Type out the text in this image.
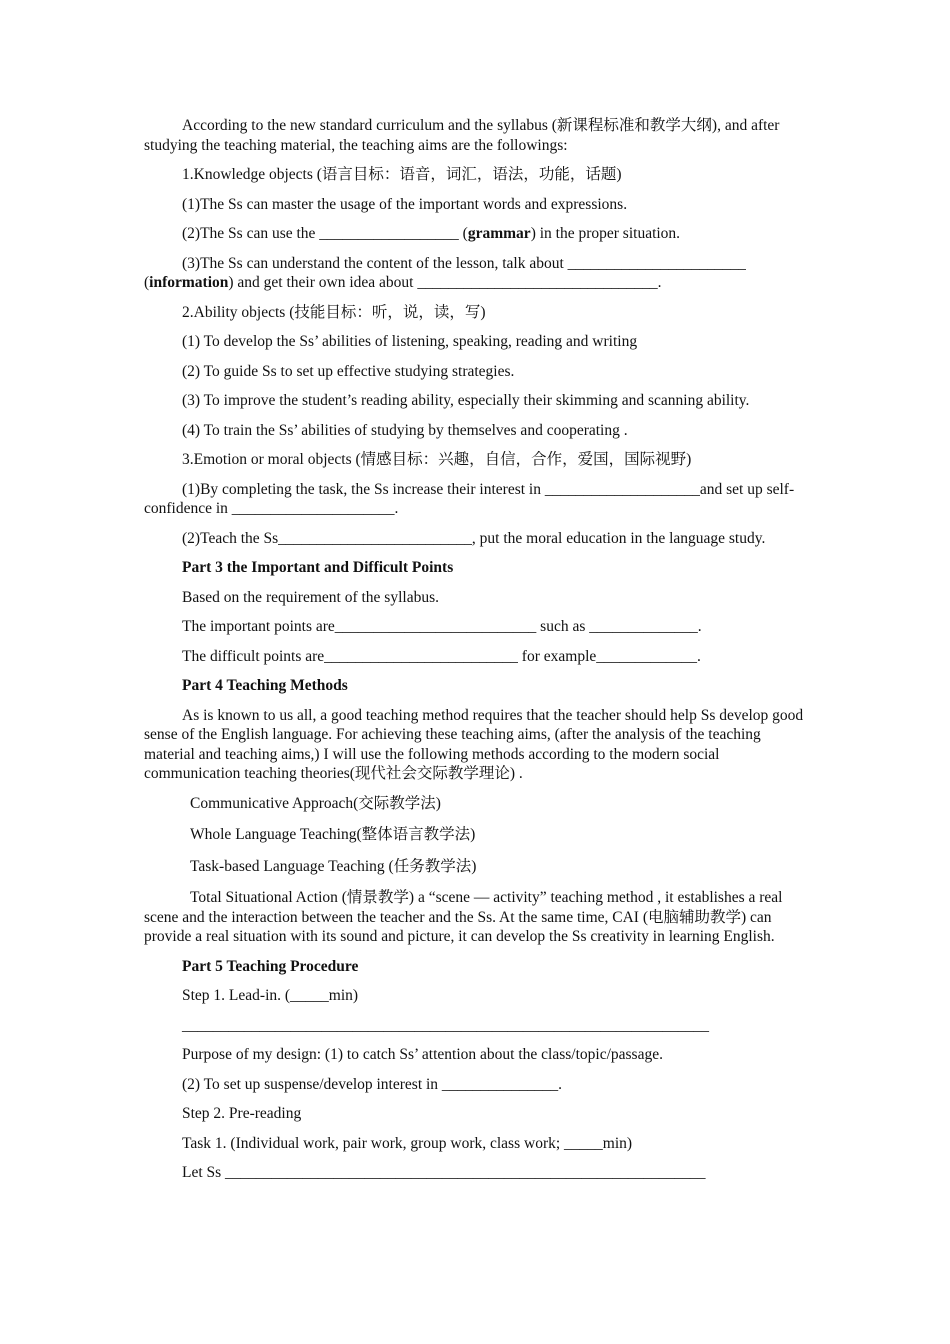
According to the new standard curriculum and the syllabus (新课程标准和教学大纲), and after studying the teaching material, the teaching aims are the followings:

1.Knowledge objects (语言目标：语音，词汇，语法，功能，话题)

(1)The Ss can master the usage of the important words and expressions.

(2)The Ss can use the __________________ (grammar) in the proper situation.

(3)The Ss can understand the content of the lesson, talk about _______________________ (information) and get their own idea about _______________________________.

2.Ability objects (技能目标：听，说，读，写)

(1) To develop the Ss’ abilities of listening, speaking, reading and writing

(2) To guide Ss to set up effective studying strategies.

(3) To improve the student’s reading ability, especially their skimming and scanning ability.

(4) To train the Ss’ abilities of studying by themselves and cooperating .

3.Emotion or moral objects (情感目标：兴趣，自信，合作，爱国，国际视野)

(1)By completing the task, the Ss increase their interest in ____________________and set up self-confidence in _____________________.

(2)Teach the Ss_________________________, put the moral education in the language study.

Part 3 the Important and Difficult Points

Based on the requirement of the syllabus.

The important points are__________________________ such as ______________.

The difficult points are_________________________ for example_____________.

Part 4 Teaching Methods

As is known to us all, a good teaching method requires that the teacher should help Ss develop good sense of the English language. For achieving these teaching aims, (after the analysis of the teaching material and teaching aims,) I will use the following methods according to the modern social communication teaching theories(现代社会交际教学理论) .

Communicative Approach(交际教学法)

Whole Language Teaching(整体语言教学法)

Task-based Language Teaching (任务教学法)

Total Situational Action (情景教学) a “scene — activity” teaching method , it establishes a real scene and the interaction between the teacher and the Ss. At the same time, CAI (电脑辅助教学) can provide a real situation with its sound and picture, it can develop the Ss creativity in learning English.

Part 5 Teaching Procedure

Step 1. Lead-in. (_____min)

____________________________________________________________________

Purpose of my design: (1) to catch Ss’ attention about the class/topic/passage.

(2) To set up suspense/develop interest in _______________.

Step 2. Pre-reading

Task 1. (Individual work, pair work, group work, class work; _____min)

Let Ss ______________________________________________________________
